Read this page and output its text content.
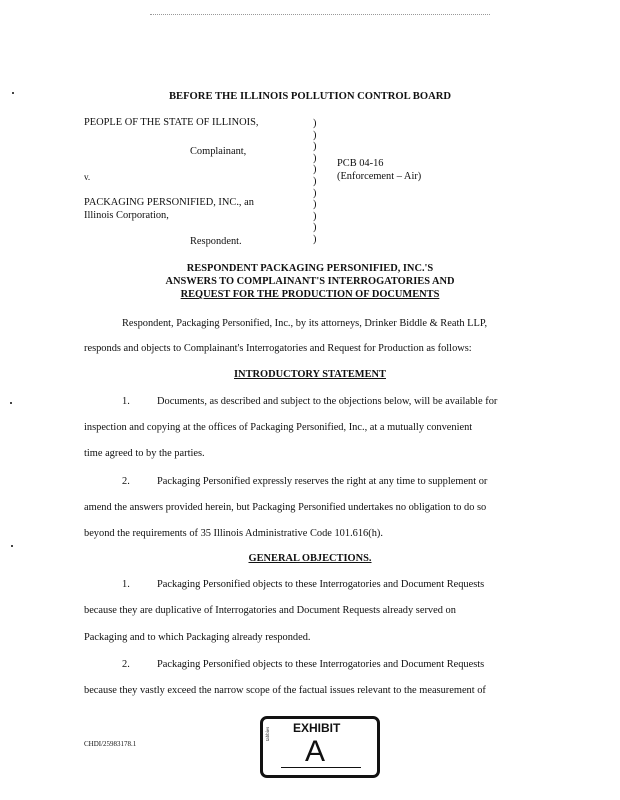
BEFORE THE ILLINOIS POLLUTION CONTROL BOARD
PEOPLE OF THE STATE OF ILLINOIS,
Complainant,
v.
PACKAGING PERSONIFIED, INC., an
Illinois Corporation,
Respondent.
)
)
)
)
)
)
)
)
)
)
)
PCB 04-16
(Enforcement – Air)
RESPONDENT PACKAGING PERSONIFIED, INC.'S
ANSWERS TO COMPLAINANT'S INTERROGATORIES AND
REQUEST FOR THE PRODUCTION OF DOCUMENTS
Respondent, Packaging Personified, Inc., by its attorneys, Drinker Biddle & Reath LLP,
responds and objects to Complainant's Interrogatories and Request for Production as follows:
INTRODUCTORY STATEMENT
1.	Documents, as described and subject to the objections below, will be available for
inspection and copying at the offices of Packaging Personified, Inc., at a mutually convenient
time agreed to by the parties.
2.	Packaging Personified expressly reserves the right at any time to supplement or
amend the answers provided herein, but Packaging Personified undertakes no obligation to do so
beyond the requirements of 35 Illinois Administrative Code 101.616(h).
GENERAL OBJECTIONS.
1.	Packaging Personified objects to these Interrogatories and Document Requests
because they are duplicative of Interrogatories and Document Requests already served on
Packaging and to which Packaging already responded.
2.	Packaging Personified objects to these Interrogatories and Document Requests
because they vastly exceed the narrow scope of the factual issues relevant to the measurement of
CHDI/25983178.1
EXHIBIT
tabbies
A
